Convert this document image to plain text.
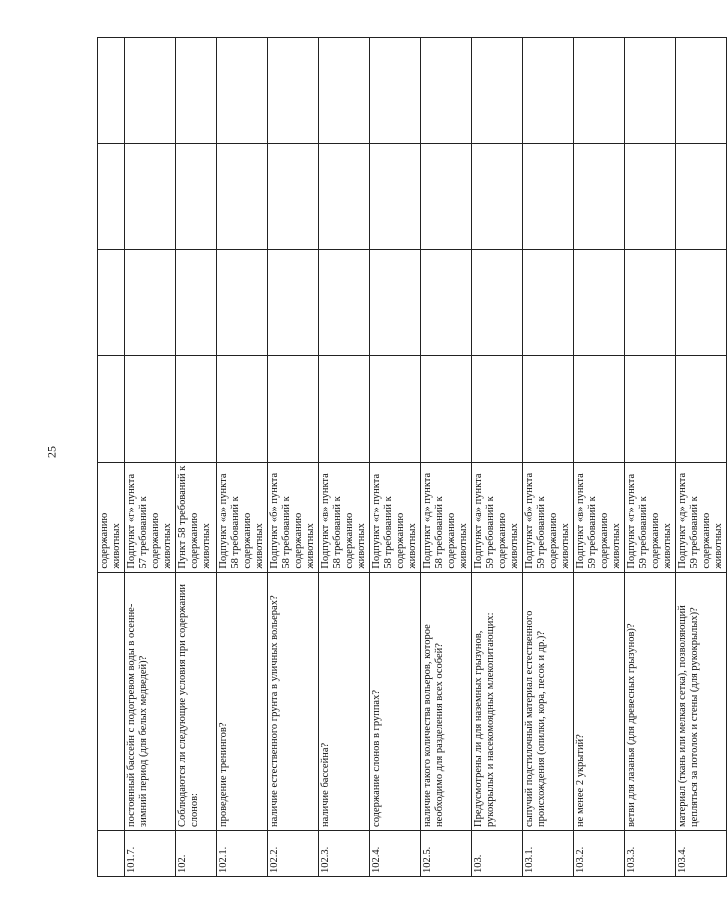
25
		содержанию животных				
101.7.	постоянный бассейн с подогревом воды в осенне-зимний период (для белых медведей)?	Подпункт «г» пункта 57 требований к содержанию животных				
102.	Соблюдаются ли следующие условия при содержании слонов:	Пункт 58 требований к содержанию животных				
102.1.	проведение тренингов?	Подпункт «а» пункта 58 требований к содержанию животных				
102.2.	наличие естественного грунта в уличных вольерах?	Подпункт «б» пункта 58 требований к содержанию животных				
102.3.	наличие бассейна?	Подпункт «в» пункта 58 требований к содержанию животных				
102.4.	содержание слонов в группах?	Подпункт «г» пункта 58 требований к содержанию животных				
102.5.	наличие такого количества вольеров, которое необходимо для разделения всех особей?	Подпункт «д» пункта 58 требований к содержанию животных				
103.	Предусмотрены ли для наземных грызунов, рукокрылых и насекомоядных млекопитающих:	Подпункт «а» пункта 59 требований к содержанию животных				
103.1.	сыпучий подстилочный материал естественного происхождения (опилки, кора, песок и др.)?	Подпункт «б» пункта 59 требований к содержанию животных				
103.2.	не менее 2 укрытий?	Подпункт «в» пункта 59 требований к содержанию животных				
103.3.	ветви для лазанья (для древесных грызунов)?	Подпункт «г» пункта 59 требований к содержанию животных				
103.4.	материал (ткань или мелкая сетка), позволяющий цепляться за потолок и стены (для рукокрылых)?	Подпункт «д» пункта 59 требований к содержанию животных				
